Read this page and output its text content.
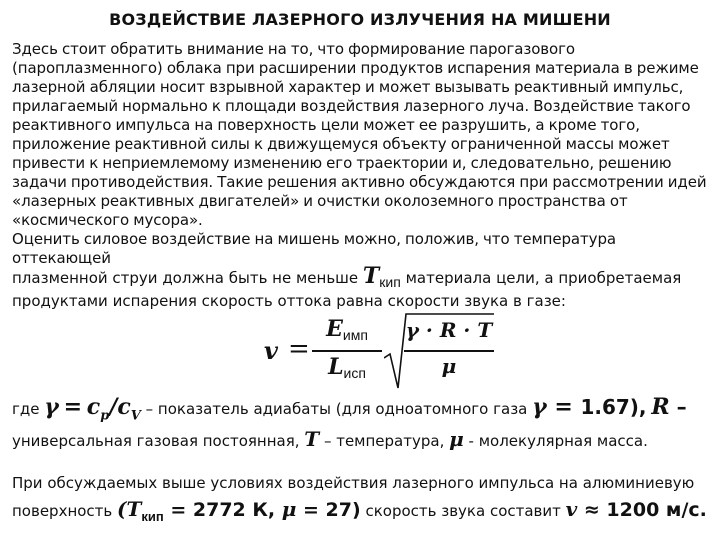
ВОЗДЕЙСТВИЕ ЛАЗЕРНОГО ИЗЛУЧЕНИЯ НА МИШЕНИ

Здесь стоит обратить внимание на то, что формирование парогазового (пароплазменного) облака при расширении продуктов испарения материала в режиме лазерной абляции носит взрывной характер и может вызывать реактивный импульс, прилагаемый нормально к площади воздействия лазерного луча. Воздействие такого реактивного импульса на поверхность цели может ее разрушить, а кроме того, приложение реактивной силы к движущемуся объекту ограниченной массы может привести к неприемлемому изменению его траектории и, следовательно, решению задачи противодействия. Такие решения активно обсуждаются при рассмотрении идей «лазерных реактивных двигателей» и очистки околоземного пространства от «космического мусора».

Оценить силовое воздействие на мишень можно, положив, что температура оттекающей

плазменной струи должна быть не меньше $T_{кип}$ материала цели, а приобретаемая
продуктами испарения скорость оттока равна скорости звука в газе:
v =
$E_{имп}$
$L_{исп}$
γ · R · T
μ
где $\gamma = c_p/c_V$ – показатель адиабаты (для одноатомного газа γ = 1.67), R –
универсальная газовая постоянная, T – температура, μ - молекулярная масса.
При обсуждаемых выше условиях воздействия лазерного импульса на алюминиевую
поверхность ($T_{кип} = 2772$ К, μ = 27) скорость звука составит v ≈ 1200 м/с.
